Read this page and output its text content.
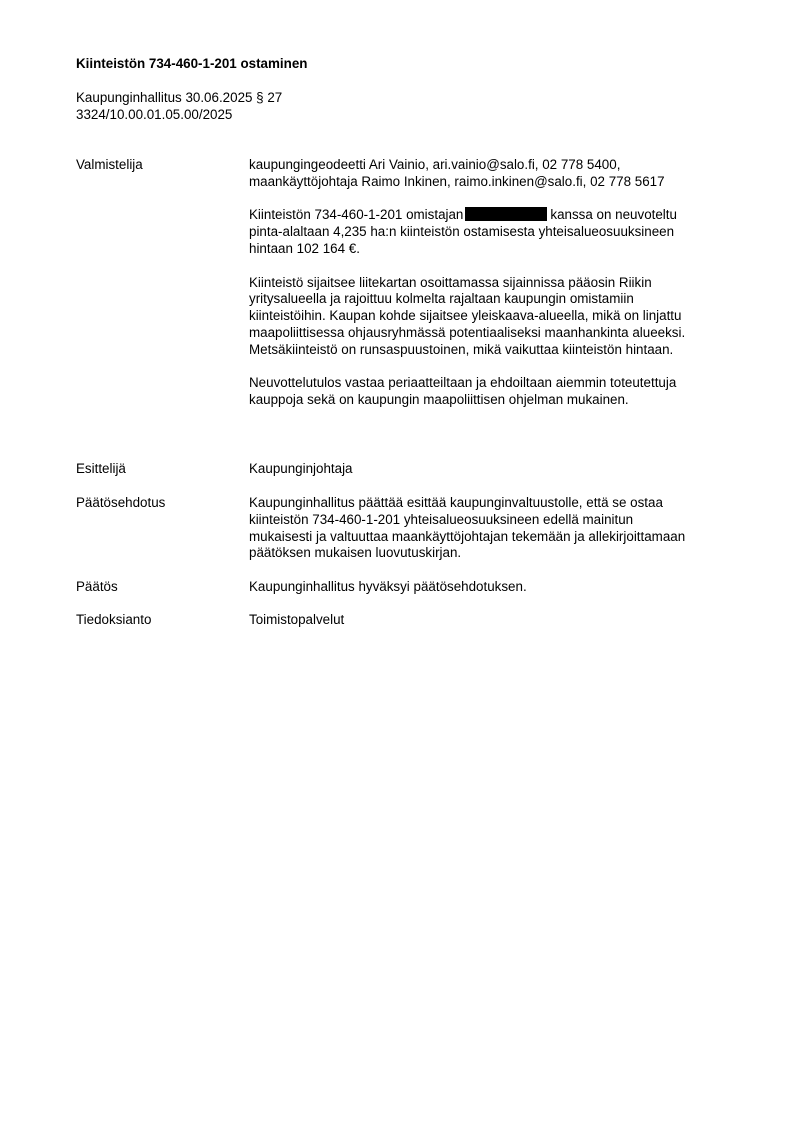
Kiinteistön 734-460-1-201 ostaminen
Kaupunginhallitus 30.06.2025 § 27
3324/10.00.01.05.00/2025
Valmistelija	kaupungingeodeetti Ari Vainio, ari.vainio@salo.fi, 02 778 5400,
maankäyttöjohtaja Raimo Inkinen, raimo.inkinen@salo.fi, 02 778 5617
Kiinteistön 734-460-1-201 omistajan	kanssa on neuvoteltu
pinta-alaltaan 4,235 ha:n kiinteistön ostamisesta yhteisalueosuuksineen
hintaan 102 164 €.
Kiinteistö sijaitsee liitekartan osoittamassa sijainnissa pääosin Riikin
yritysalueella ja rajoittuu kolmelta rajaltaan kaupungin omistamiin
kiinteistöihin. Kaupan kohde sijaitsee yleiskaava-alueella, mikä on linjattu
maapoliittisessa ohjausryhmässä potentiaaliseksi maanhankinta alueeksi.
Metsäkiinteistö on runsaspuustoinen, mikä vaikuttaa kiinteistön hintaan.
Neuvottelutulos vastaa periaatteiltaan ja ehdoiltaan aiemmin toteutettuja
kauppoja sekä on kaupungin maapoliittisen ohjelman mukainen.
Esittelijä	Kaupunginjohtaja
Päätösehdotus	Kaupunginhallitus päättää esittää kaupunginvaltuustolle, että se ostaa
kiinteistön 734-460-1-201 yhteisalueosuuksineen edellä mainitun
mukaisesti ja valtuuttaa maankäyttöjohtajan tekemään ja allekirjoittamaan
päätöksen mukaisen luovutuskirjan.
Päätös	Kaupunginhallitus hyväksyi päätösehdotuksen.
Tiedoksianto	Toimistopalvelut
